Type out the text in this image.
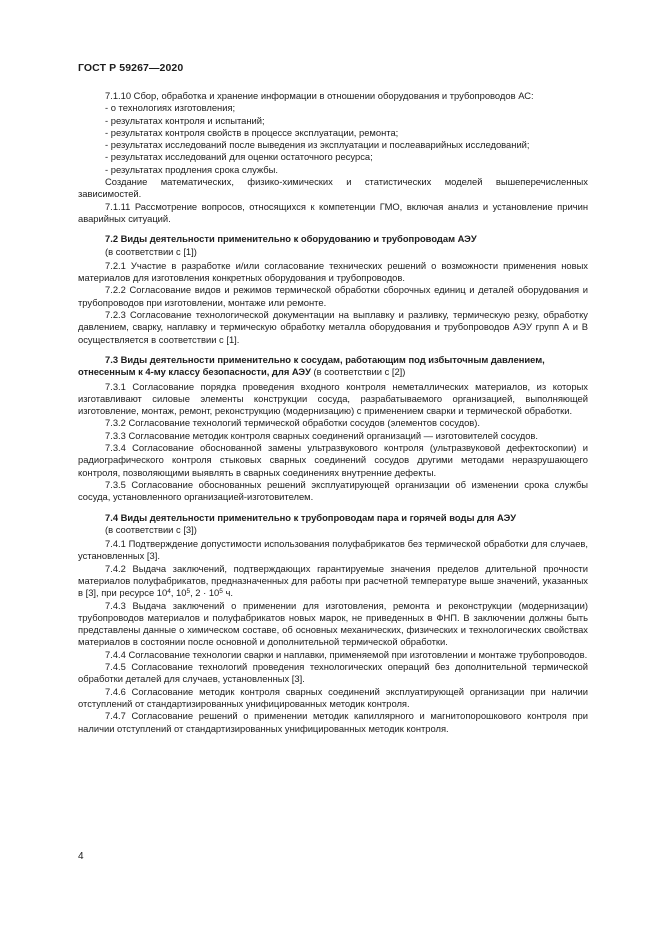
ГОСТ Р 59267—2020

7.1.10 Сбор, обработка и хранение информации в отношении оборудования и трубопроводов АС:

- о технологиях изготовления;

- результатах контроля и испытаний;

- результатах контроля свойств в процессе эксплуатации, ремонта;

- результатах исследований после выведения из эксплуатации и послеаварийных исследований;

- результатах исследований для оценки остаточного ресурса;

- результатах продления срока службы.

Создание математических, физико-химических и статистических моделей вышеперечисленных зависимостей.

7.1.11 Рассмотрение вопросов, относящихся к компетенции ГМО, включая анализ и установление причин аварийных ситуаций.

7.2 Виды деятельности применительно к оборудованию и трубопроводам АЭУ

(в соответствии с [1])

7.2.1 Участие в разработке и/или согласование технических решений о возможности применения новых материалов для изготовления конкретных оборудования и трубопроводов.

7.2.2 Согласование видов и режимов термической обработки сборочных единиц и деталей оборудования и трубопроводов при изготовлении, монтаже или ремонте.

7.2.3 Согласование технологической документации на выплавку и разливку, термическую резку, обработку давлением, сварку, наплавку и термическую обработку металла оборудования и трубопроводов АЭУ групп А и В осуществляется в соответствии с [1].

7.3 Виды деятельности применительно к сосудам, работающим под избыточным давлением, отнесенным к 4-му классу безопасности, для АЭУ (в соответствии с [2])

7.3.1 Согласование порядка проведения входного контроля неметаллических материалов, из которых изготавливают силовые элементы конструкции сосуда, разрабатываемого организацией, выполняющей изготовление, монтаж, ремонт, реконструкцию (модернизацию) с применением сварки и термической обработки.

7.3.2 Согласование технологий термической обработки сосудов (элементов сосудов).

7.3.3 Согласование методик контроля сварных соединений организаций — изготовителей сосудов.

7.3.4 Согласование обоснованной замены ультразвукового контроля (ультразвуковой дефектоскопии) и радиографического контроля стыковых сварных соединений сосудов другими методами неразрушающего контроля, позволяющими выявлять в сварных соединениях внутренние дефекты.

7.3.5 Согласование обоснованных решений эксплуатирующей организации об изменении срока службы сосуда, установленного организацией-изготовителем.

7.4 Виды деятельности применительно к трубопроводам пара и горячей воды для АЭУ

(в соответствии с [3])

7.4.1 Подтверждение допустимости использования полуфабрикатов без термической обработки для случаев, установленных [3].

7.4.2 Выдача заключений, подтверждающих гарантируемые значения пределов длительной прочности материалов полуфабрикатов, предназначенных для работы при расчетной температуре выше значений, указанных в [3], при ресурсе $10^4$, $10^5$, $2 \cdot 10^5$ ч.

7.4.3 Выдача заключений о применении для изготовления, ремонта и реконструкции (модернизации) трубопроводов материалов и полуфабрикатов новых марок, не приведенных в ФНП. В заключении должны быть представлены данные о химическом составе, об основных механических, физических и технологических свойствах материалов в состоянии после основной и дополнительной термической обработки.

7.4.4 Согласование технологии сварки и наплавки, применяемой при изготовлении и монтаже трубопроводов.

7.4.5 Согласование технологий проведения технологических операций без дополнительной термической обработки деталей для случаев, установленных [3].

7.4.6 Согласование методик контроля сварных соединений эксплуатирующей организации при наличии отступлений от стандартизированных унифицированных методик контроля.

7.4.7 Согласование решений о применении методик капиллярного и магнитопорошкового контроля при наличии отступлений от стандартизированных унифицированных методик контроля.

4
